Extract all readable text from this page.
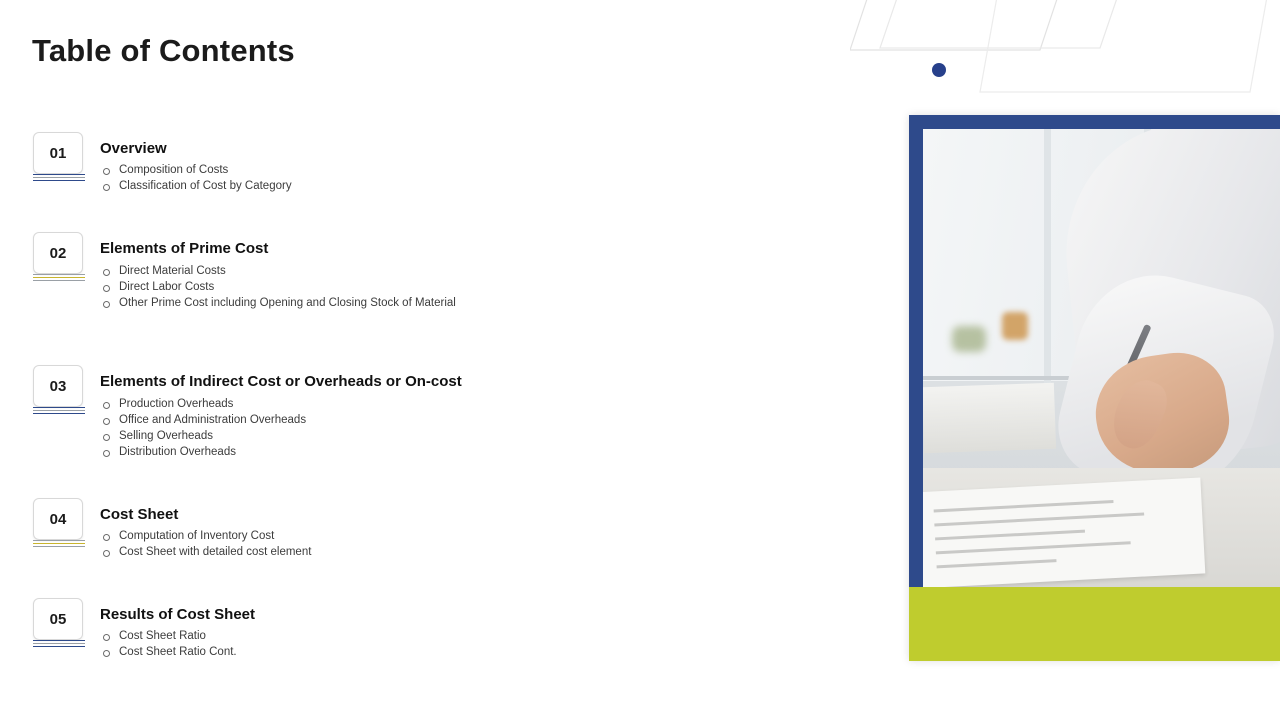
Table of Contents
01	Overview
Composition of Costs
Classification of Cost by Category
02	Elements of Prime Cost
Direct Material Costs
Direct Labor Costs
Other Prime Cost including Opening and Closing Stock of Material
03	Elements of Indirect Cost or Overheads or On-cost
Production Overheads
Office and Administration Overheads
Selling Overheads
Distribution Overheads
04	Cost Sheet
Computation of Inventory Cost
Cost Sheet with detailed cost element
05	Results of Cost Sheet
Cost Sheet Ratio
Cost Sheet Ratio Cont.
